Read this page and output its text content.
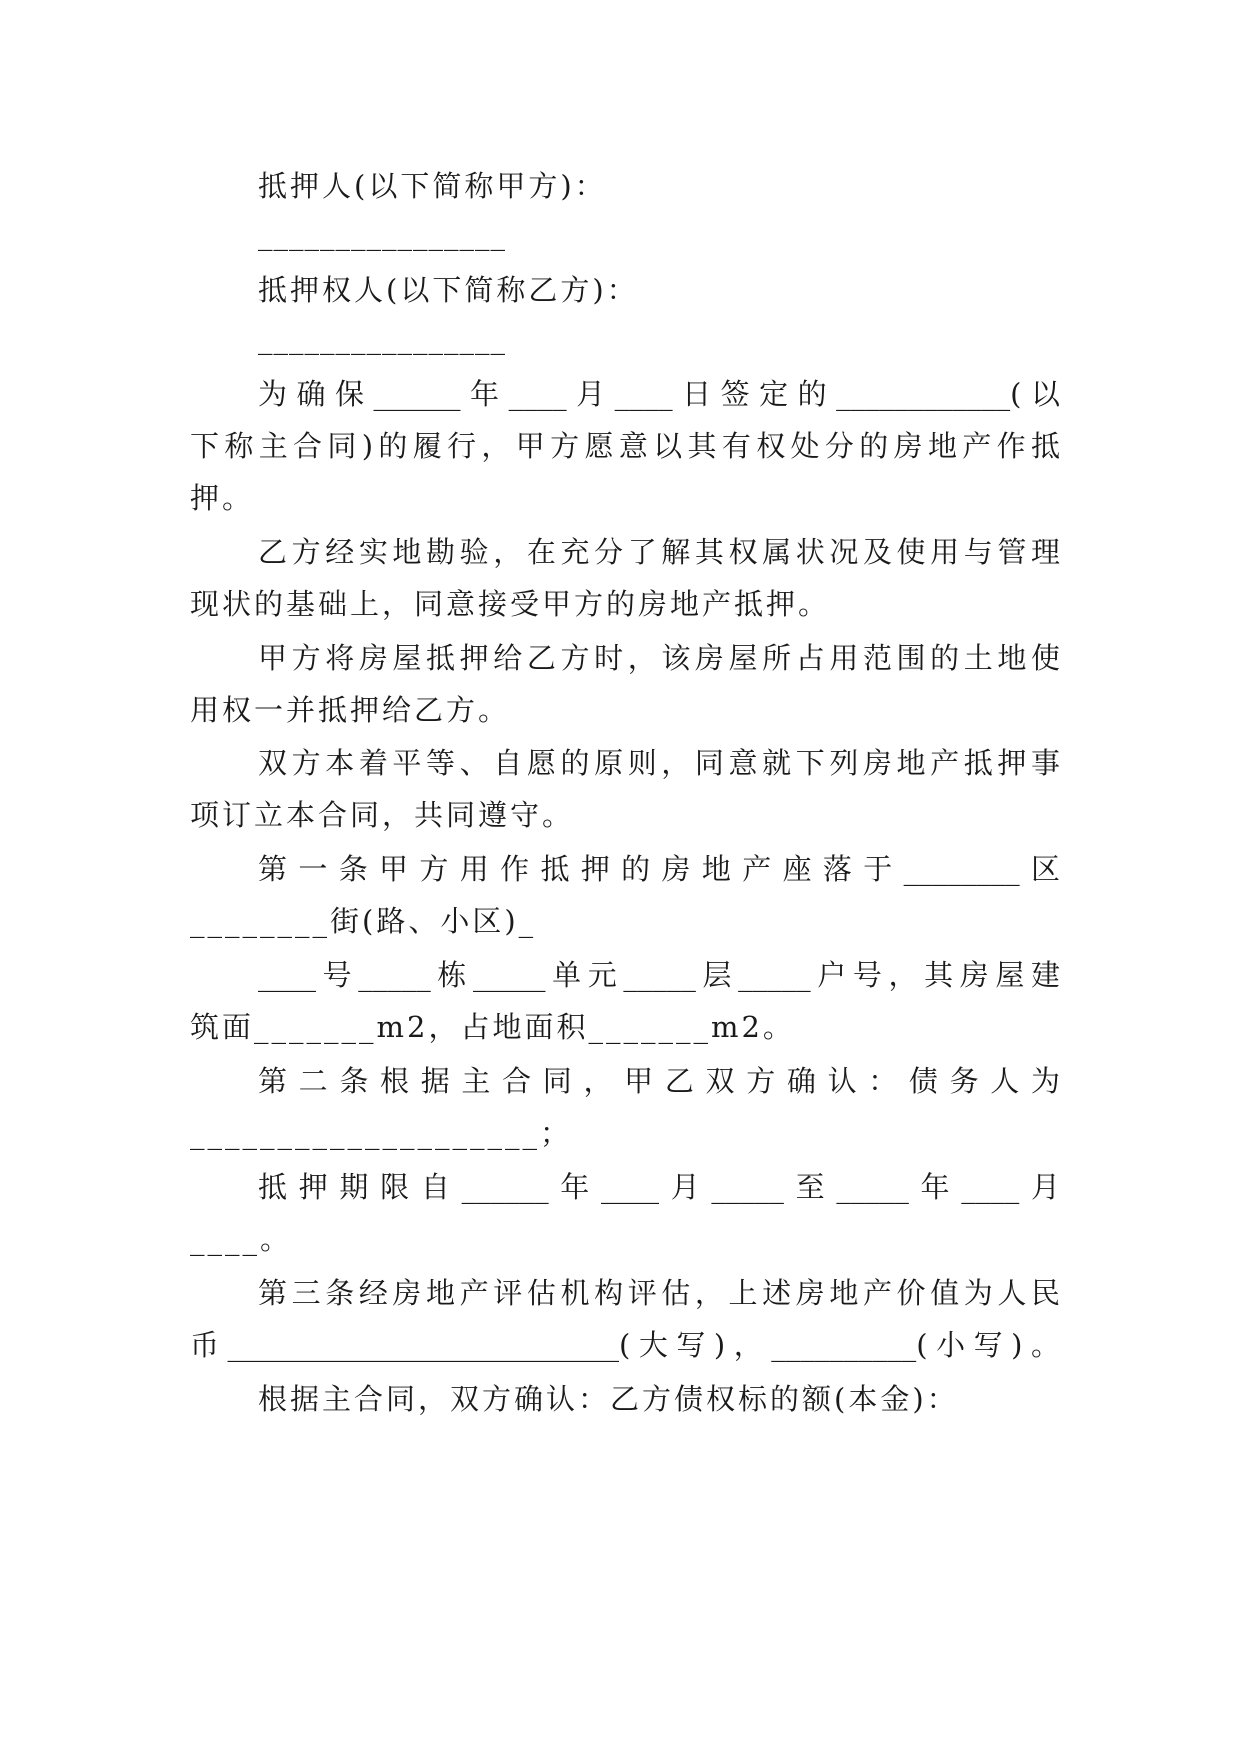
抵押人(以下简称甲方)：
________________
抵押权人(以下简称乙方)：
________________
为确保______年____月____日签定的____________(以
下称主合同)的履行，甲方愿意以其有权处分的房地产作抵
押。
乙方经实地勘验，在充分了解其权属状况及使用与管理
现状的基础上，同意接受甲方的房地产抵押。
甲方将房屋抵押给乙方时，该房屋所占用范围的土地使
用权一并抵押给乙方。
双方本着平等、自愿的原则，同意就下列房地产抵押事
项订立本合同，共同遵守。
第一条甲方用作抵押的房地产座落于________区
________街(路、小区)_
____号_____栋_____单元_____层_____户号，其房屋建
筑面_______m2，占地面积_______m2。
第二条根据主合同，甲乙双方确认：债务人为
____________________；
抵押期限自______年____月_____至_____年____月
____。
第三条经房地产评估机构评估，上述房地产价值为人民
币___________________________(大写)，__________(小写)。
根据主合同，双方确认：乙方债权标的额(本金)：
